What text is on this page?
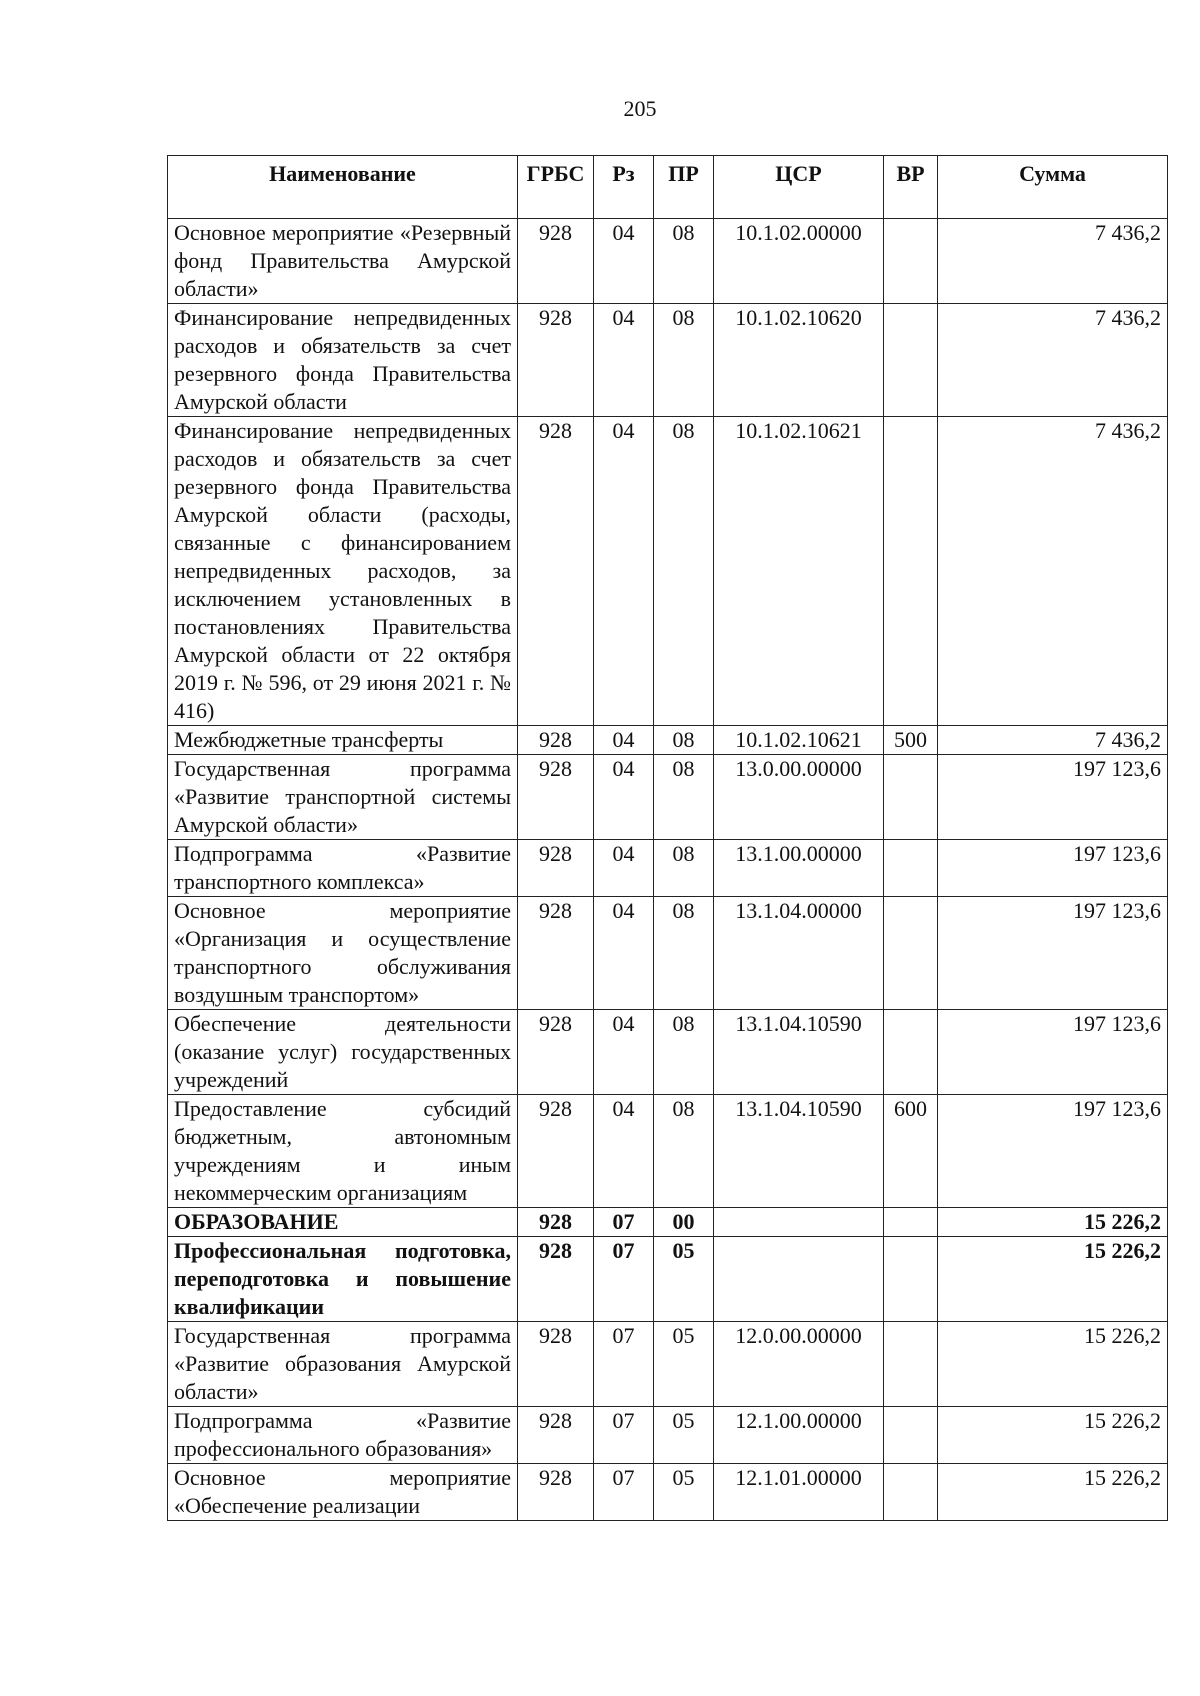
205
Наименование	ГРБС	Рз	ПР	ЦСР	ВР	Сумма
Основное мероприятие «Резервный фонд Правительства Амурской области»	928	04	08	10.1.02.00000		7 436,2
Финансирование непредвиденных расходов и обязательств за счет резервного фонда Правительства Амурской области	928	04	08	10.1.02.10620		7 436,2
Финансирование непредвиденных расходов и обязательств за счет резервного фонда Правительства Амурской области (расходы, связанные с финансированием непредвиденных расходов, за исключением установленных в постановлениях Правительства Амурской области от 22 октября 2019 г. № 596, от 29 июня 2021 г. № 416)	928	04	08	10.1.02.10621		7 436,2
Межбюджетные трансферты	928	04	08	10.1.02.10621	500	7 436,2
Государственная программа «Развитие транспортной системы Амурской области»	928	04	08	13.0.00.00000		197 123,6
Подпрограмма «Развитие транспортного комплекса»	928	04	08	13.1.00.00000		197 123,6
Основное мероприятие «Организация и осуществление транспортного обслуживания воздушным транспортом»	928	04	08	13.1.04.00000		197 123,6
Обеспечение деятельности (оказание услуг) государственных учреждений	928	04	08	13.1.04.10590		197 123,6
Предоставление субсидий бюджетным, автономным учреждениям и иным некоммерческим организациям	928	04	08	13.1.04.10590	600	197 123,6
ОБРАЗОВАНИЕ	928	07	00			15 226,2
Профессиональная подготовка, переподготовка и повышение квалификации	928	07	05			15 226,2
Государственная программа «Развитие образования Амурской области»	928	07	05	12.0.00.00000		15 226,2
Подпрограмма «Развитие профессионального образования»	928	07	05	12.1.00.00000		15 226,2
Основное мероприятие «Обеспечение реализации	928	07	05	12.1.01.00000		15 226,2
